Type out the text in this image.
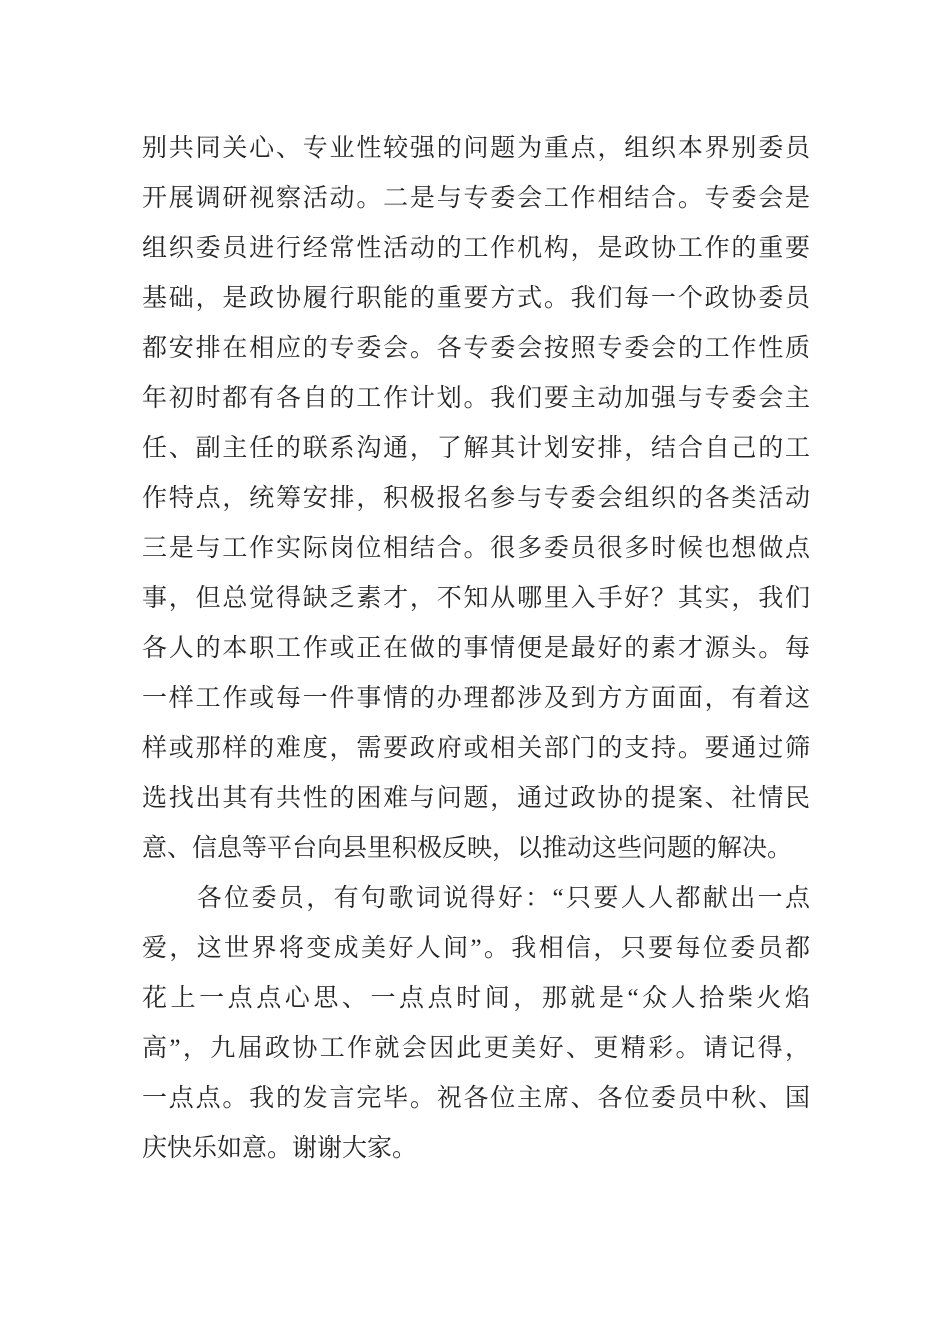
别共同关心、专业性较强的问题为重点，组织本界别委员
开展调研视察活动。二是与专委会工作相结合。专委会是
组织委员进行经常性活动的工作机构，是政协工作的重要
基础，是政协履行职能的重要方式。我们每一个政协委员
都安排在相应的专委会。各专委会按照专委会的工作性质
年初时都有各自的工作计划。我们要主动加强与专委会主
任、副主任的联系沟通，了解其计划安排，结合自己的工
作特点，统筹安排，积极报名参与专委会组织的各类活动
三是与工作实际岗位相结合。很多委员很多时候也想做点
事，但总觉得缺乏素才，不知从哪里入手好？其实，我们
各人的本职工作或正在做的事情便是最好的素才源头。每
一样工作或每一件事情的办理都涉及到方方面面，有着这
样或那样的难度，需要政府或相关部门的支持。要通过筛
选找出其有共性的困难与问题，通过政协的提案、社情民
意、信息等平台向县里积极反映，以推动这些问题的解决。
　　各位委员，有句歌词说得好：“只要人人都献出一点
爱，这世界将变成美好人间”。我相信，只要每位委员都
花上一点点心思、一点点时间，那就是“众人拾柴火焰
高”，九届政协工作就会因此更美好、更精彩。请记得，
一点点。我的发言完毕。祝各位主席、各位委员中秋、国
庆快乐如意。谢谢大家。
